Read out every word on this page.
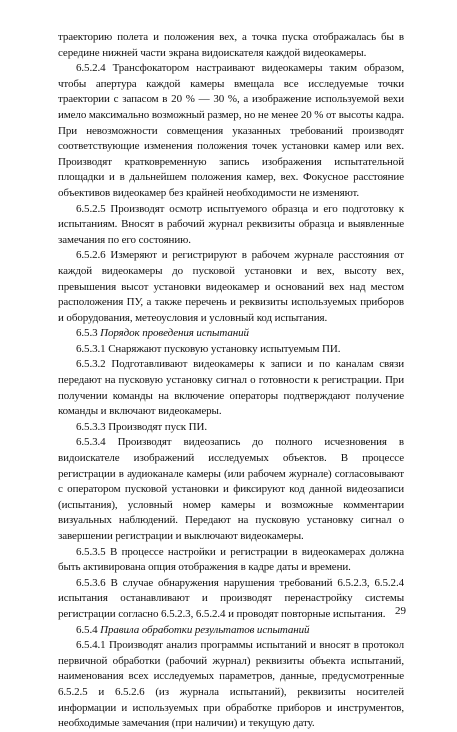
траекторию полета и положения вех, а точка пуска отображалась бы в середине нижней части экрана видоискателя каждой видеокамеры.

6.5.2.4 Трансфокатором настраивают видеокамеры таким образом, чтобы апертура каждой камеры вмещала все исследуемые точки траектории с запасом в 20 % — 30 %, а изображение используемой вехи имело максимально возможный размер, но не менее 20 % от высоты кадра. При невозможности совмещения указанных требований производят соответствующие изменения положения точек установки камер или вех. Производят кратковременную запись изображения испытательной площадки и в дальнейшем положения камер, вех. Фокусное расстояние объективов видеокамер без крайней необходимости не изменяют.

6.5.2.5 Производят осмотр испытуемого образца и его подготовку к испытаниям. Вносят в рабочий журнал реквизиты образца и выявленные замечания по его состоянию.

6.5.2.6 Измеряют и регистрируют в рабочем журнале расстояния от каждой видеокамеры до пусковой установки и вех, высоту вех, превышения высот установки видеокамер и оснований вех над местом расположения ПУ, а также перечень и реквизиты используемых приборов и оборудования, метеоусловия и условный код испытания.

6.5.3 Порядок проведения испытаний

6.5.3.1 Снаряжают пусковую установку испытуемым ПИ.

6.5.3.2 Подготавливают видеокамеры к записи и по каналам связи передают на пусковую установку сигнал о готовности к регистрации. При получении команды на включение операторы подтверждают получение команды и включают видеокамеры.

6.5.3.3 Производят пуск ПИ.

6.5.3.4 Производят видеозапись до полного исчезновения в видоискателе изображений исследуемых объектов. В процессе регистрации в аудиоканале камеры (или рабочем журнале) согласовывают с оператором пусковой установки и фиксируют код данной видеозаписи (испытания), условный номер камеры и возможные комментарии визуальных наблюдений. Передают на пусковую установку сигнал о завершении регистрации и выключают видеокамеры.

6.5.3.5 В процессе настройки и регистрации в видеокамерах должна быть активирована опция отображения в кадре даты и времени.

6.5.3.6 В случае обнаружения нарушения требований 6.5.2.3, 6.5.2.4 испытания останавливают и производят перенастройку системы регистрации согласно 6.5.2.3, 6.5.2.4 и проводят повторные испытания.

6.5.4 Правила обработки результатов испытаний

6.5.4.1 Производят анализ программы испытаний и вносят в протокол первичной обработки (рабочий журнал) реквизиты объекта испытаний, наименования всех исследуемых параметров, данные, предусмотренные 6.5.2.5 и 6.5.2.6 (из журнала испытаний), реквизиты носителей информации и используемых при обработке приборов и инструментов, необходимые замечания (при наличии) и текущую дату.

29
